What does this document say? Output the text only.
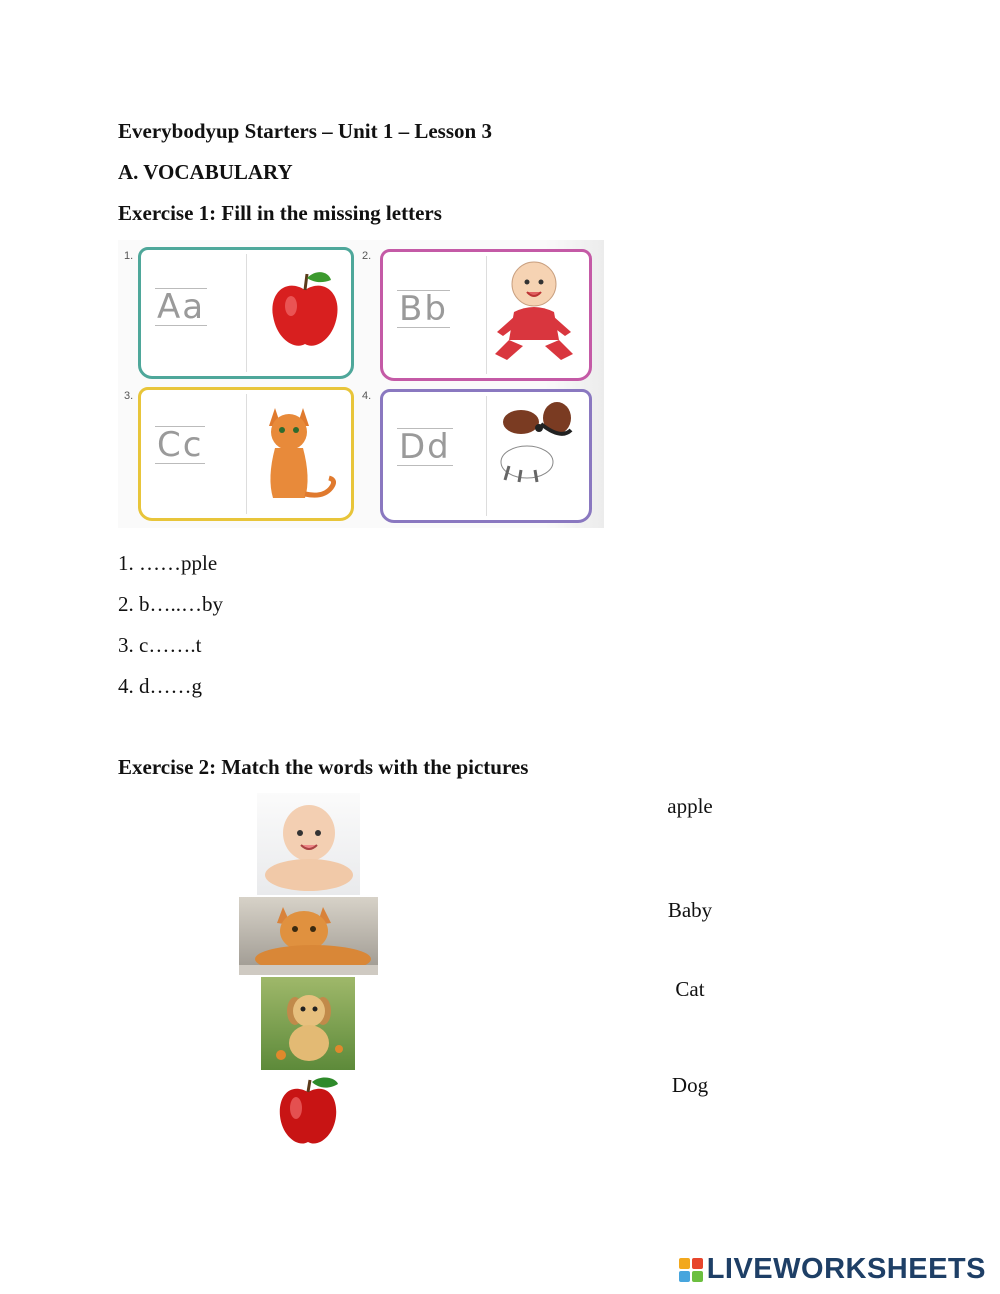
Everybodyup Starters – Unit 1 – Lesson 3
A. VOCABULARY
Exercise 1: Fill in the missing letters
1.
Aa
2.
Bb
3.
Cc
4.
Dd
1. ……pple
2. b…..…by
3. c…….t
4. d……g
Exercise 2: Match the words with the pictures
apple
Baby
Cat
Dog
LIVEWORKSHEETS
